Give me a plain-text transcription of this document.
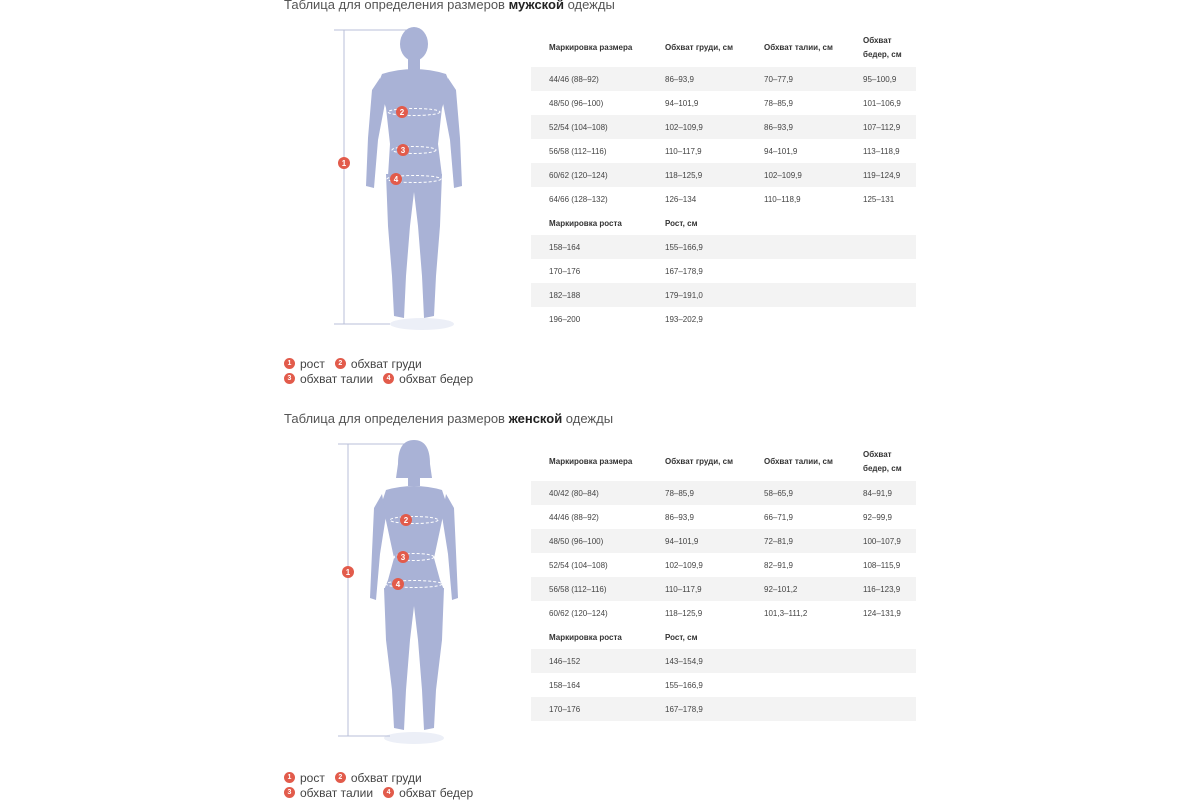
Таблица для определения размеров мужской одежды
1
2
3
4
Маркировка размера	Обхват груди, см	Обхват талии, см	Обхват бедер, см
44/46 (88–92)	86–93,9	70–77,9	95–100,9
48/50 (96–100)	94–101,9	78–85,9	101–106,9
52/54 (104–108)	102–109,9	86–93,9	107–112,9
56/58 (112–116)	110–117,9	94–101,9	113–118,9
60/62 (120–124)	118–125,9	102–109,9	119–124,9
64/66 (128–132)	126–134	110–118,9	125–131
Маркировка роста	Рост, см		
158–164	155–166,9		
170–176	167–178,9		
182–188	179–191,0		
196–200	193–202,9		
1 рост	2 обхват груди
3 обхват талии	4 обхват бедер
Таблица для определения размеров женской одежды
1
2
3
4
Маркировка размера	Обхват груди, см	Обхват талии, см	Обхват бедер, см
40/42 (80–84)	78–85,9	58–65,9	84–91,9
44/46 (88–92)	86–93,9	66–71,9	92–99,9
48/50 (96–100)	94–101,9	72–81,9	100–107,9
52/54 (104–108)	102–109,9	82–91,9	108–115,9
56/58 (112–116)	110–117,9	92–101,2	116–123,9
60/62 (120–124)	118–125,9	101,3–111,2	124–131,9
Маркировка роста	Рост, см		
146–152	143–154,9		
158–164	155–166,9		
170–176	167–178,9		
1 рост	2 обхват груди
3 обхват талии	4 обхват бедер
